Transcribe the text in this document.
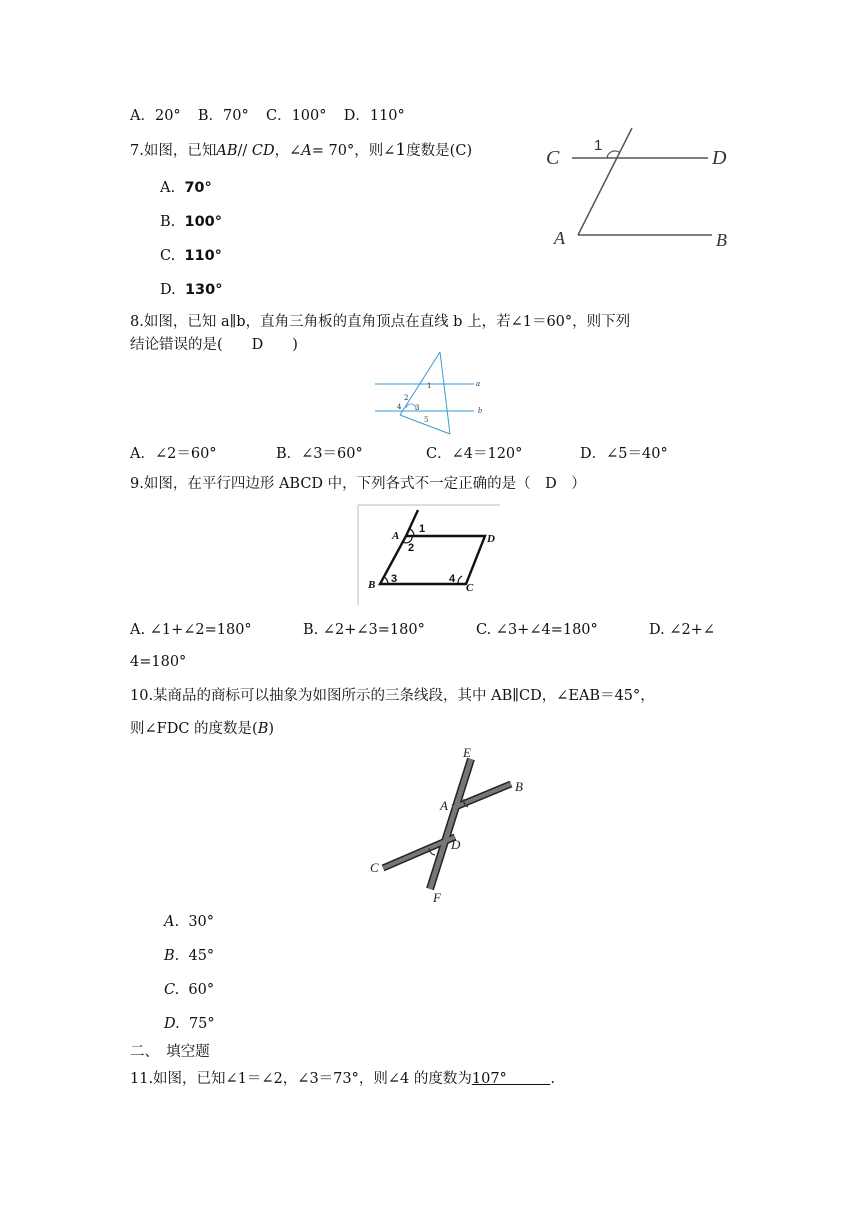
A．20° B．70° C．100° D．110°
7.如图，已知AB// CD，∠A= 70°，则∠1度数是(C)
A. 70°
B. 100°
C. 110°
D. 130°
C	D
A	B
1
8.如图，已知 a∥b，直角三角板的直角顶点在直线 b 上，若∠1＝60°，则下列
结论错误的是(　　D　　)
a
b
1
2
3
4
5
A．∠2＝60°	B．∠3＝60°	C．∠4＝120°	D．∠5＝40°
9.如图，在平行四边形 ABCD 中，下列各式不一定正确的是（　D　）
A	D
B	C
1
2
3	4
A. ∠1+∠2=180°	B. ∠2+∠3=180°	C. ∠3+∠4=180°	D. ∠2+∠
4=180°
10.某商品的商标可以抽象为如图所示的三条线段，其中 AB∥CD，∠EAB＝45°，
则∠FDC 的度数是(B)
E
B
A
D
C
F
A. 30°
B. 45°
C. 60°
D. 75°
二、　填空题
11.如图，已知∠1＝∠2，∠3＝73°，则∠4 的度数为107°　　　.
